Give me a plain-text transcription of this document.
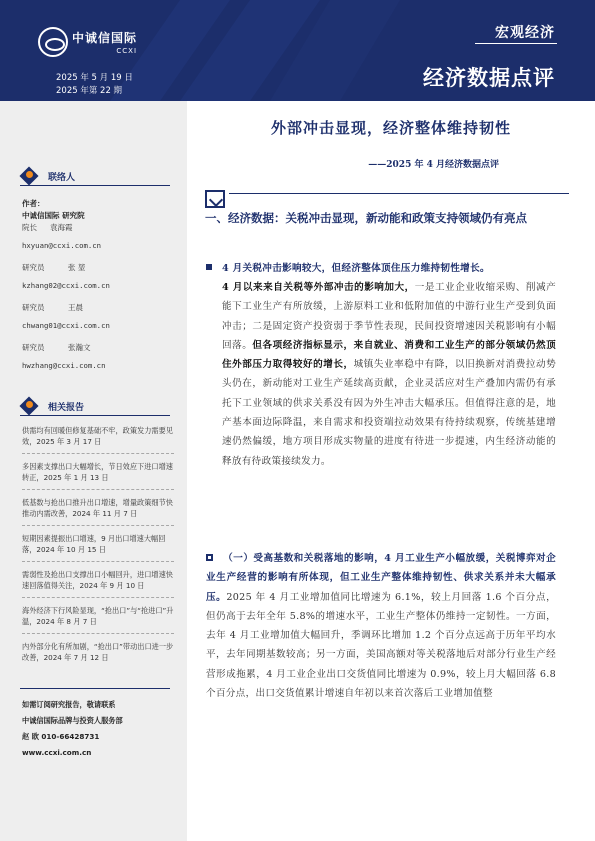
中诚信国际
CCXI
2025 年 5 月 19 日
2025 年第 22 期
宏观经济
经济数据点评
联络人
作者：
中诚信国际 研究院
院长	袁海霞
hxyuan@ccxi.com.cn
研究员	张 堃
kzhang02@ccxi.com.cn
研究员	王晨
chwang01@ccxi.com.cn
研究员	张瀚文
hwzhang@ccxi.com.cn
相关报告
供需均有回暖但修复基础不牢，政策发力需要见效，2025 年 3 月 17 日
多因素支撑出口大幅增长，节日效应下进口增速转正，2025 年 1 月 13 日
低基数与抢出口推升出口增速，增量政策细节快推动内需改善，2024 年 11 月 7 日
短期因素提振出口增速，9 月出口增速大幅回落，2024 年 10 月 15 日
需弱性及抢出口支撑出口小幅回升，进口增速快速回落值得关注，2024 年 9 月 10 日
海外经济下行风险显现，“抢出口”与“抢进口”升温，2024 年 8 月 7 日
内外部分化有所加剧，“抢出口”带动出口进一步改善，2024 年 7 月 12 日
如需订阅研究报告，敬请联系
中诚信国际品牌与投资人服务部
赵 欧 010-66428731
www.ccxi.com.cn
外部冲击显现，经济整体维持韧性
——2025 年 4 月经济数据点评
一、经济数据：关税冲击显现，新动能和政策支持领域仍有亮点
4 月关税冲击影响较大，但经济整体顶住压力维持韧性增长。
4 月以来来自关税等外部冲击的影响加大，一是工业企业收缩采购、削减产能下工业生产有所放缓，上游原料工业和低附加值的中游行业生产受到负面冲击；二是固定资产投资弱于季节性表现，民间投资增速因关税影响有小幅回落。但各项经济指标显示，来自就业、消费和工业生产的部分领域仍然顶住外部压力取得较好的增长，城镇失业率稳中有降，以旧换新对消费拉动势头仍在，新动能对工业生产延续高贡献，企业灵活应对生产叠加内需仍有承托下工业领域的供求关系没有因为外生冲击大幅承压。但值得注意的是，地产基本面边际降温，来自需求和投资端拉动效果有待持续观察，传统基建增速仍然偏缓，地方项目形成实物量的进度有待进一步提速，内生经济动能的释放有待政策接续发力。
（一）受高基数和关税落地的影响，4 月工业生产小幅放缓，关税博弈对企业生产经营的影响有所体现，但工业生产整体维持韧性、供求关系并未大幅承压。2025 年 4 月工业增加值同比增速为 6.1%，较上月回落 1.6 个百分点，但仍高于去年全年 5.8%的增速水平，工业生产整体仍维持一定韧性。一方面，去年 4 月工业增加值大幅回升，季调环比增加 1.2 个百分点远高于历年平均水平，去年同期基数较高；另一方面，美国高额对等关税落地后对部分行业生产经营形成拖累，4 月工业企业出口交货值同比增速为 0.9%，较上月大幅回落 6.8 个百分点，出口交货值累计增速自年初以来首次落后工业增加值整
